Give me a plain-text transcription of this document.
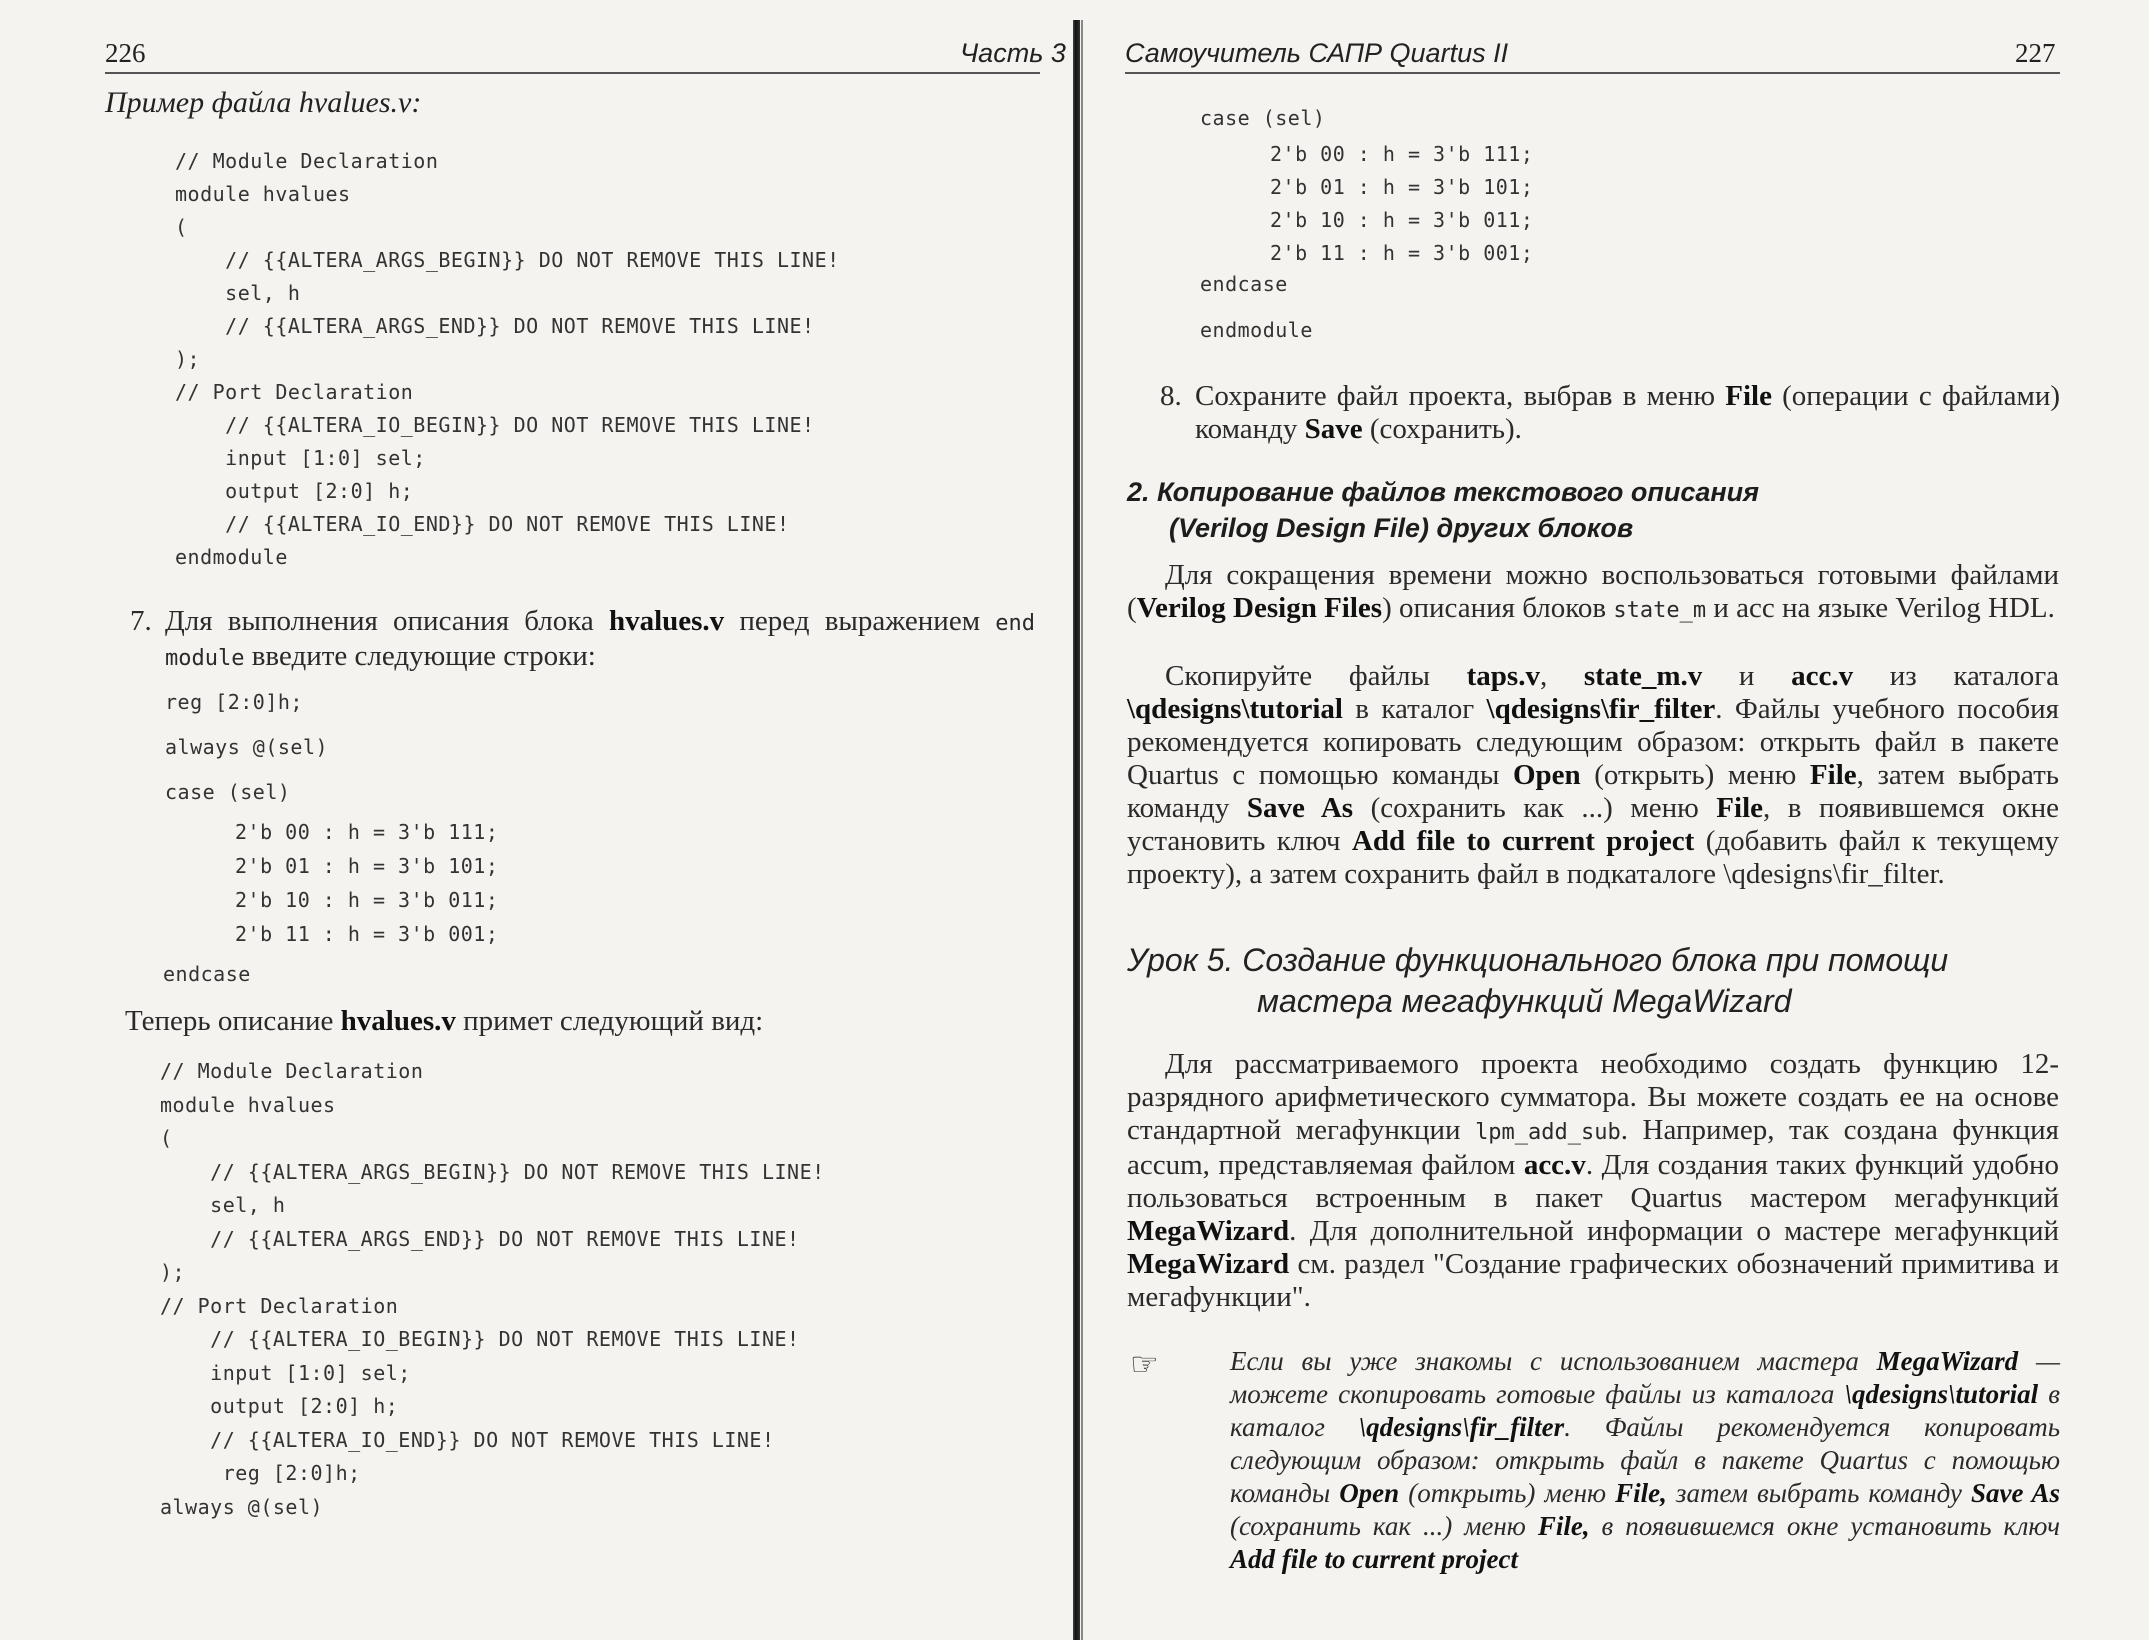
226	Часть 3
Пример файла hvalues.v:
// Module Declaration
module hvalues
(
// {{ALTERA_ARGS_BEGIN}} DO NOT REMOVE THIS LINE!
sel, h
// {{ALTERA_ARGS_END}} DO NOT REMOVE THIS LINE!
);
// Port Declaration
// {{ALTERA_IO_BEGIN}} DO NOT REMOVE THIS LINE!
input [1:0] sel;
output [2:0] h;
// {{ALTERA_IO_END}} DO NOT REMOVE THIS LINE!
endmodule
7. Для выполнения описания блока hvalues.v перед выражением end module введите следующие строки:
reg [2:0]h;
always @(sel)
case (sel)
2'b 00 : h = 3'b 111;
2'b 01 : h = 3'b 101;
2'b 10 : h = 3'b 011;
2'b 11 : h = 3'b 001;
endcase
Теперь описание hvalues.v примет следующий вид:
// Module Declaration
module hvalues
(
// {{ALTERA_ARGS_BEGIN}} DO NOT REMOVE THIS LINE!
sel, h
// {{ALTERA_ARGS_END}} DO NOT REMOVE THIS LINE!
);
// Port Declaration
// {{ALTERA_IO_BEGIN}} DO NOT REMOVE THIS LINE!
input [1:0] sel;
output [2:0] h;
// {{ALTERA_IO_END}} DO NOT REMOVE THIS LINE!
reg [2:0]h;
always @(sel)
Самоучитель САПР Quartus II	227
case (sel)
2'b 00 : h = 3'b 111;
2'b 01 : h = 3'b 101;
2'b 10 : h = 3'b 011;
2'b 11 : h = 3'b 001;
endcase
endmodule
8. Сохраните файл проекта, выбрав в меню File (операции с файлами) команду Save (сохранить).
2. Копирование файлов текстового описания
(Verilog Design File) других блоков
Для сокращения времени можно воспользоваться готовыми файлами (Verilog Design Files) описания блоков state_m и acc на языке Verilog HDL.
Скопируйте файлы taps.v, state_m.v и acc.v из каталога \qdesigns\tutorial в каталог \qdesigns\fir_filter. Файлы учебного пособия рекомендуется копировать следующим образом: открыть файл в пакете Quartus с помощью команды Open (открыть) меню File, затем выбрать команду Save As (сохранить как ...) меню File, в появившемся окне установить ключ Add file to current project (добавить файл к текущему проекту), а затем сохранить файл в подкаталоге \qdesigns\fir_filter.
Урок 5. Создание функционального блока при помощи
мастера мегафункций MegaWizard
Для рассматриваемого проекта необходимо создать функцию 12-разрядного арифметического сумматора. Вы можете создать ее на основе стандартной мегафункции lpm_add_sub. Например, так создана функция accum, представляемая файлом acc.v. Для создания таких функций удобно пользоваться встроенным в пакет Quartus мастером мегафункций MegaWizard. Для дополнительной информации о мастере мегафункций MegaWizard см. раздел "Создание графических обозначений примитива и мегафункции".
☞	Если вы уже знакомы с использованием мастера MegaWizard — можете скопировать готовые файлы из каталога \qdesigns\tutorial в каталог \qdesigns\fir_filter. Файлы рекомендуется копировать следующим образом: открыть файл в пакете Quartus с помощью команды Open (открыть) меню File, затем выбрать команду Save As (сохранить как ...) меню File, в появившемся окне установить ключ Add file to current project
